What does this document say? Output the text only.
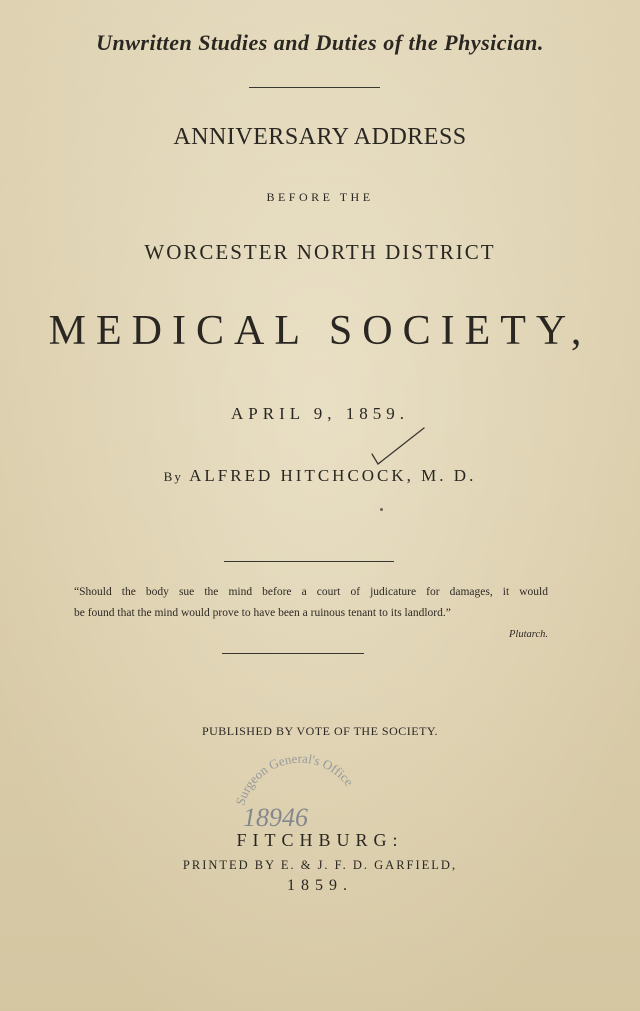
Unwritten Studies and Duties of the Physician.
ANNIVERSARY ADDRESS
BEFORE THE
WORCESTER NORTH DISTRICT
MEDICAL SOCIETY,
APRIL 9, 1859.
By ALFRED HITCHCOCK, M. D.
“Should the body sue the mind before a court of judicature for damages, it would
be found that the mind would prove to have been a ruinous tenant to its landlord.”
Plutarch.
PUBLISHED BY VOTE OF THE SOCIETY.
Surgeon General's Office
18946
FITCHBURG:
PRINTED BY E. & J. F. D. GARFIELD,
1859.
